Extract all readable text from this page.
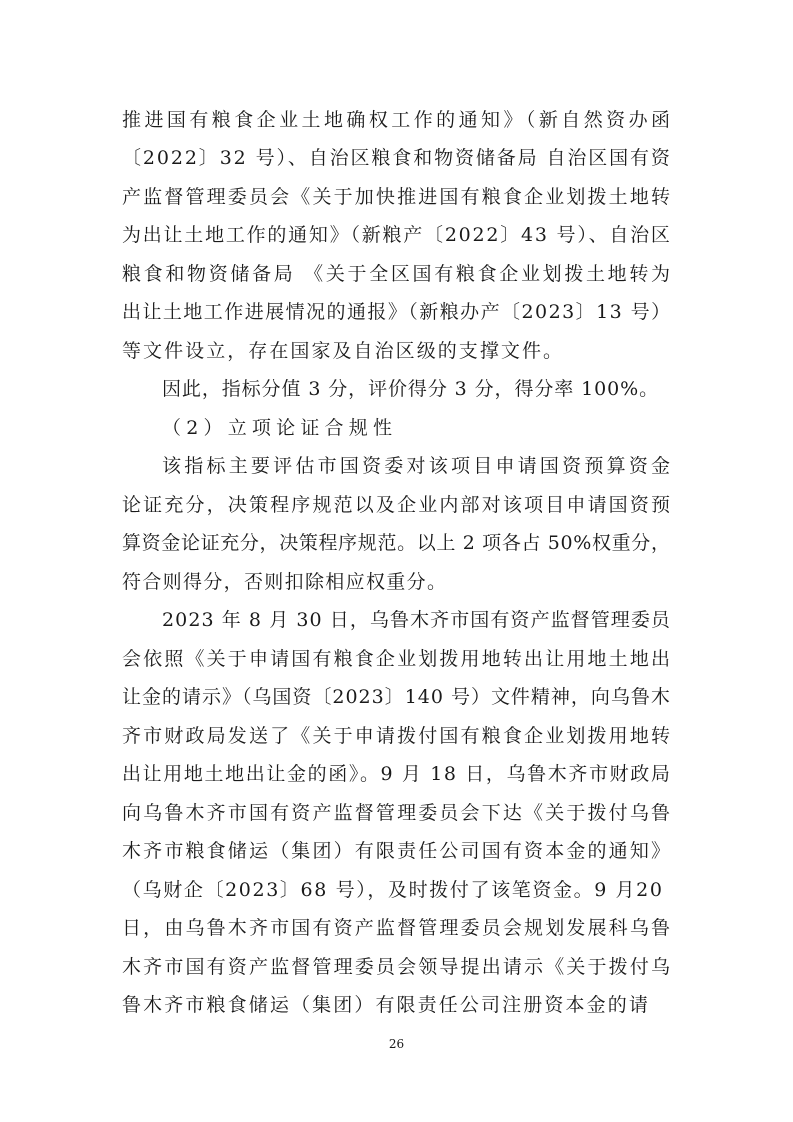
推进国有粮食企业土地确权工作的通知》（新自然资办函

〔2022〕32 号）、自治区粮食和物资储备局 自治区国有资

产监督管理委员会《关于加快推进国有粮食企业划拨土地转

为出让土地工作的通知》（新粮产〔2022〕43 号）、自治区

粮食和物资储备局 《关于全区国有粮食企业划拨土地转为

出让土地工作进展情况的通报》（新粮办产〔2023〕13 号）

等文件设立，存在国家及自治区级的支撑文件。

因此，指标分值 3 分，评价得分 3 分，得分率 100%。

（2）立项论证合规性

该指标主要评估市国资委对该项目申请国资预算资金

论证充分，决策程序规范以及企业内部对该项目申请国资预

算资金论证充分，决策程序规范。以上 2 项各占 50%权重分，

符合则得分，否则扣除相应权重分。

2023 年 8 月 30 日，乌鲁木齐市国有资产监督管理委员

会依照《关于申请国有粮食企业划拨用地转出让用地土地出

让金的请示》（乌国资〔2023〕140 号）文件精神，向乌鲁木

齐市财政局发送了《关于申请拨付国有粮食企业划拨用地转

出让用地土地出让金的函》。9 月 18 日，乌鲁木齐市财政局

向乌鲁木齐市国有资产监督管理委员会下达《关于拨付乌鲁

木齐市粮食储运（集团）有限责任公司国有资本金的通知》

（乌财企〔2023〕68 号），及时拨付了该笔资金。9 月20

日，由乌鲁木齐市国有资产监督管理委员会规划发展科乌鲁

木齐市国有资产监督管理委员会领导提出请示《关于拨付乌

鲁木齐市粮食储运（集团）有限责任公司注册资本金的请

26
